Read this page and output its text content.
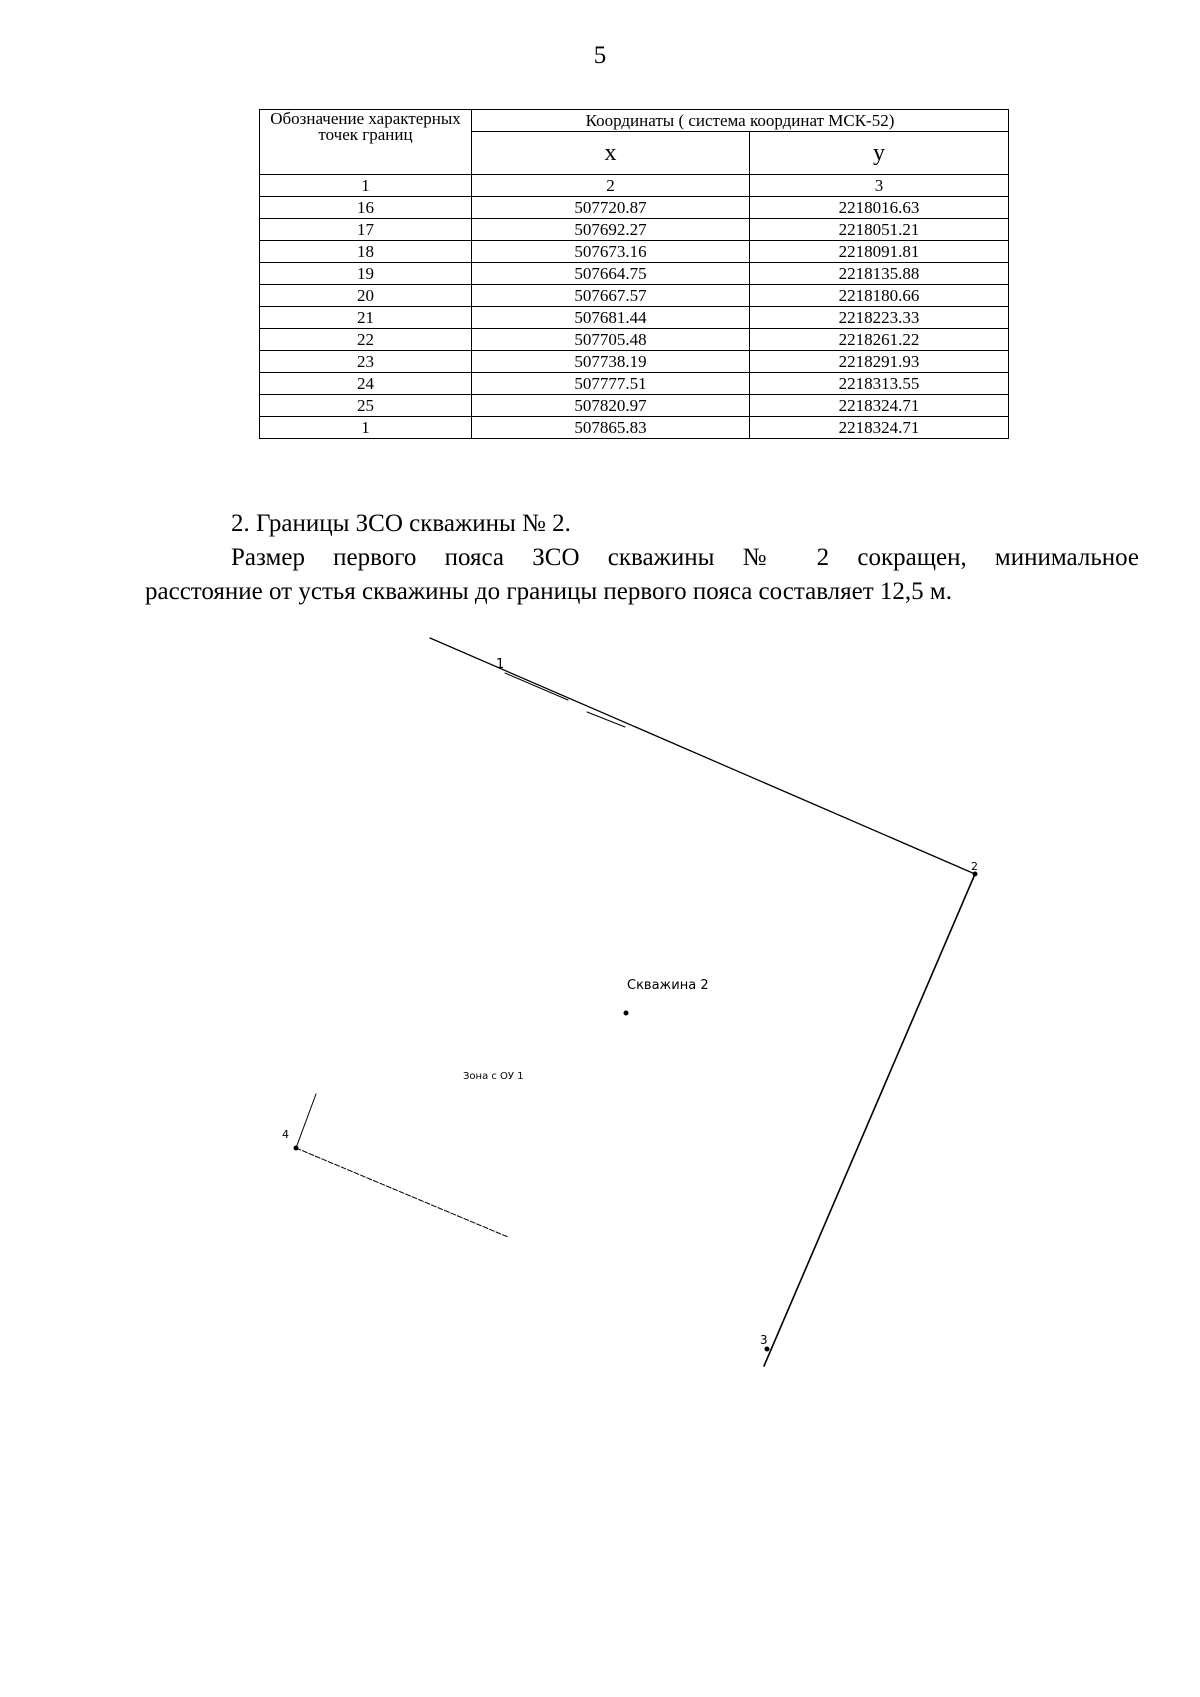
5
Обозначение характерных точек границ	Координаты ( система координат МСК-52)	
	x	y
1	2	3
16	507720.87	2218016.63
17	507692.27	2218051.21
18	507673.16	2218091.81
19	507664.75	2218135.88
20	507667.57	2218180.66
21	507681.44	2218223.33
22	507705.48	2218261.22
23	507738.19	2218291.93
24	507777.51	2218313.55
25	507820.97	2218324.71
1	507865.83	2218324.71
2. Границы ЗСО скважины № 2.
Размер первого пояса ЗСО скважины № 2 сокращен, минимальное
расстояние от устья скважины до границы первого пояса составляет 12,5 м.
1
2
3
4
Скважина 2
Зона с ОУ 1
